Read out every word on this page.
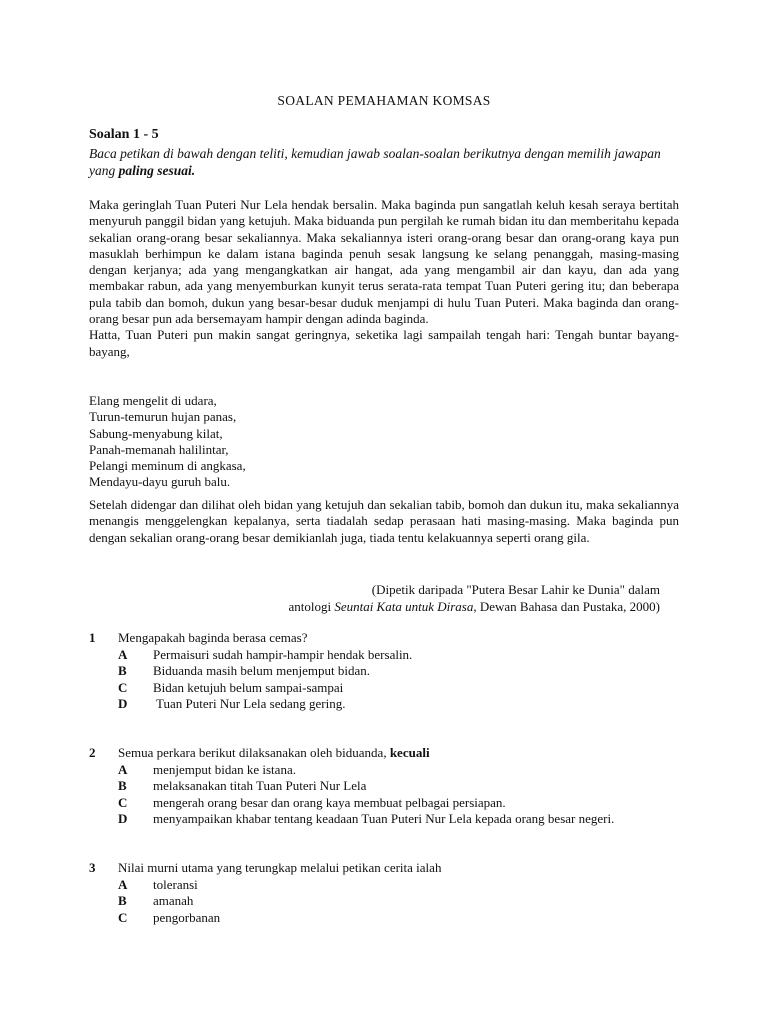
SOALAN PEMAHAMAN KOMSAS
Soalan 1 - 5
Baca petikan di bawah dengan teliti, kemudian jawab soalan-soalan berikutnya dengan memilih jawapan yang paling sesuai.

Maka geringlah Tuan Puteri Nur Lela hendak bersalin. Maka baginda pun sangatlah keluh kesah seraya bertitah menyuruh panggil bidan yang ketujuh. Maka biduanda pun pergilah ke rumah bidan itu dan memberitahu kepada sekalian orang-orang besar sekaliannya. Maka sekaliannya isteri orang-orang besar dan orang-orang kaya pun masuklah berhimpun ke dalam istana baginda penuh sesak langsung ke selang penanggah, masing-masing dengan kerjanya; ada yang mengangkatkan air hangat, ada yang mengambil air dan kayu, dan ada yang membakar rabun, ada yang menyemburkan kunyit terus serata-rata tempat Tuan Puteri gering itu; dan beberapa pula tabib dan bomoh, dukun yang besar-besar duduk menjampi di hulu Tuan Puteri. Maka baginda dan orang-orang besar pun ada bersemayam hampir dengan adinda baginda.

Hatta, Tuan Puteri pun makin sangat geringnya, seketika lagi sampailah tengah hari: Tengah buntar bayang-bayang,

Elang mengelit di udara,
Turun-temurun hujan panas,
Sabung-menyabung kilat,
Panah-memanah halilintar,
Pelangi meminum di angkasa,
Mendayu-dayu guruh balu.
Setelah didengar dan dilihat oleh bidan yang ketujuh dan sekalian tabib, bomoh dan dukun itu, maka sekaliannya menangis menggelengkan kepalanya, serta tiadalah sedap perasaan hati masing-masing. Maka baginda pun dengan sekalian orang-orang besar demikianlah juga, tiada tentu kelakuannya seperti orang gila.
(Dipetik daripada "Putera Besar Lahir ke Dunia" dalam
antologi Seuntai Kata untuk Dirasa, Dewan Bahasa dan Pustaka, 2000)
1 Mengapakah baginda berasa cemas?
A Permaisuri sudah hampir-hampir hendak bersalin.
B Biduanda masih belum menjemput bidan.
C Bidan ketujuh belum sampai-sampai
D Tuan Puteri Nur Lela sedang gering.
2 Semua perkara berikut dilaksanakan oleh biduanda, kecuali
A menjemput bidan ke istana.
B melaksanakan titah Tuan Puteri Nur Lela
C mengerah orang besar dan orang kaya membuat pelbagai persiapan.
D menyampaikan khabar tentang keadaan Tuan Puteri Nur Lela kepada orang besar negeri.
3 Nilai murni utama yang terungkap melalui petikan cerita ialah
A toleransi
B amanah
C pengorbanan
